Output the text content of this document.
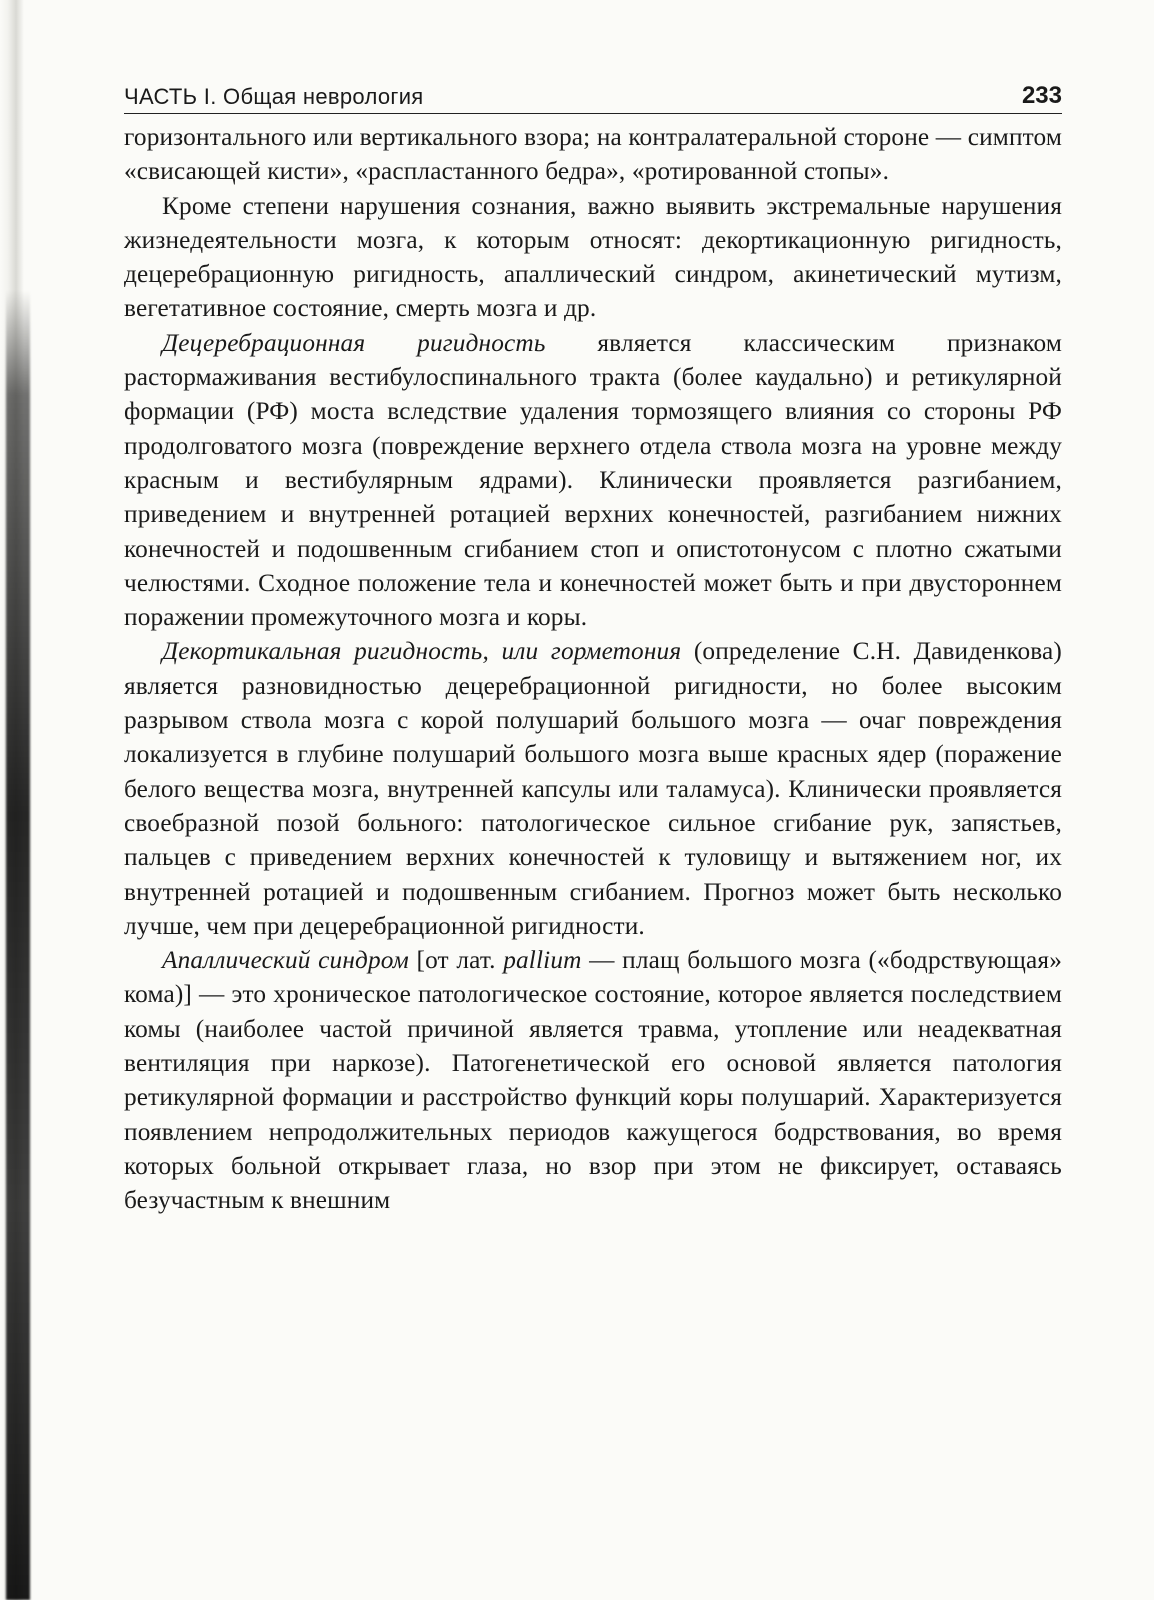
ЧАСТЬ I. Общая неврология	233

горизонтального или вертикального взора; на контралатеральной стороне — симптом «свисающей кисти», «распластанного бедра», «ротированной стопы».

Кроме степени нарушения сознания, важно выявить экстремальные нарушения жизнедеятельности мозга, к которым относят: декортикационную ригидность, децеребрационную ригидность, апаллический синдром, акинетический мутизм, вегетативное состояние, смерть мозга и др.

Децеребрационная ригидность является классическим признаком растормаживания вестибулоспинального тракта (более каудально) и ретикулярной формации (РФ) моста вследствие удаления тормозящего влияния со стороны РФ продолговатого мозга (повреждение верхнего отдела ствола мозга на уровне между красным и вестибулярным ядрами). Клинически проявляется разгибанием, приведением и внутренней ротацией верхних конечностей, разгибанием нижних конечностей и подошвенным сгибанием стоп и опистотонусом с плотно сжатыми челюстями. Сходное положение тела и конечностей может быть и при двустороннем поражении промежуточного мозга и коры.

Декортикальная ригидность, или горметония (определение С.Н. Давиденкова) является разновидностью децеребрационной ригидности, но более высоким разрывом ствола мозга с корой полушарий большого мозга — очаг повреждения локализуется в глубине полушарий большого мозга выше красных ядер (поражение белого вещества мозга, внутренней капсулы или таламуса). Клинически проявляется своебразной позой больного: патологическое сильное сгибание рук, запястьев, пальцев с приведением верхних конечностей к туловищу и вытяжением ног, их внутренней ротацией и подошвенным сгибанием. Прогноз может быть несколько лучше, чем при децеребрационной ригидности.

Апаллический синдром [от лат. pallium — плащ большого мозга («бодрствующая» кома)] — это хроническое патологическое состояние, которое является последствием комы (наиболее частой причиной является травма, утопление или неадекватная вентиляция при наркозе). Патогенетической его основой является патология ретикулярной формации и расстройство функций коры полушарий. Характеризуется появлением непродолжительных периодов кажущегося бодрствования, во время которых больной открывает глаза, но взор при этом не фиксирует, оставаясь безучастным к внешним
